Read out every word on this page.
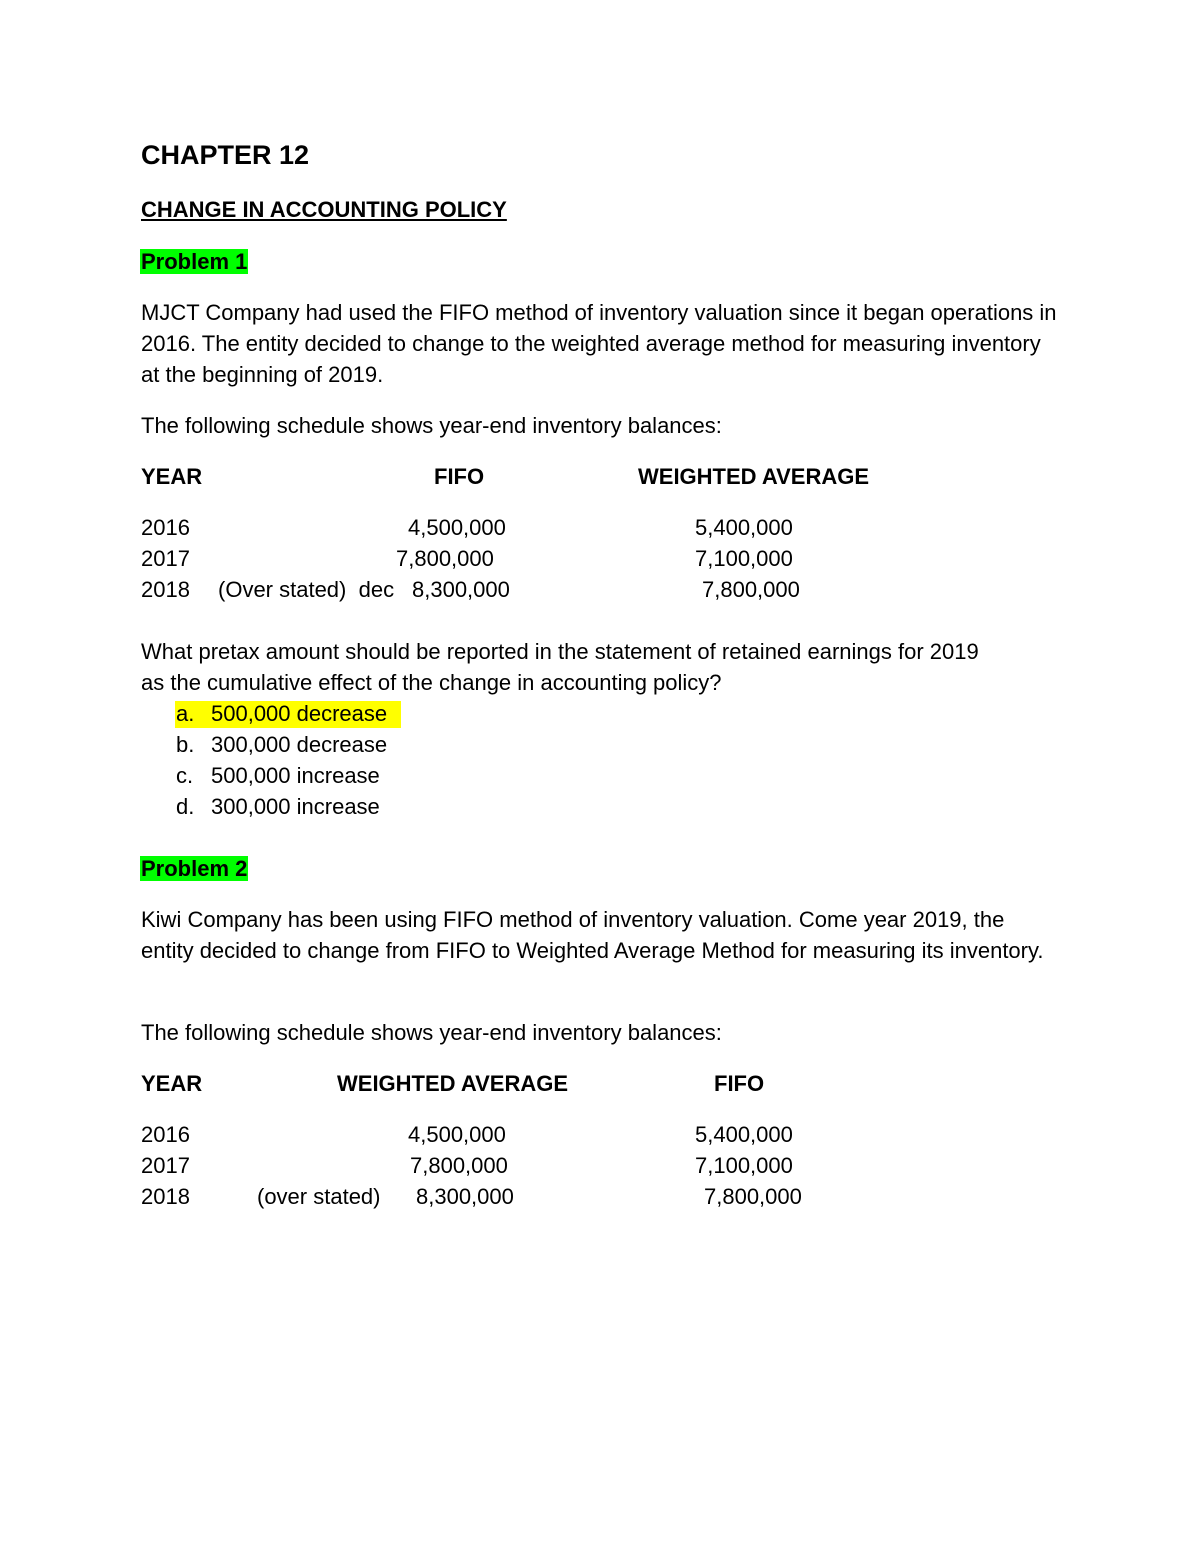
CHAPTER 12
CHANGE IN ACCOUNTING POLICY
Problem 1
MJCT Company had used the FIFO method of inventory valuation since it began operations in 2016. The entity decided to change to the weighted average method for measuring inventory at the beginning of 2019.
The following schedule shows year-end inventory balances:
YEAR	FIFO	WEIGHTED AVERAGE
2016	4,500,000	5,400,000
2017	7,800,000	7,100,000
2018 (Over stated)  dec 8,300,000	7,800,000
What pretax amount should be reported in the statement of retained earnings for 2019
as the cumulative effect of the change in accounting policy?
a. 500,000 decrease
b. 300,000 decrease
c. 500,000 increase
d. 300,000 increase
Problem 2
Kiwi Company has been using FIFO method of inventory valuation. Come year 2019, the entity decided to change from FIFO to Weighted Average Method for measuring its inventory.
The following schedule shows year-end inventory balances:
YEAR	WEIGHTED AVERAGE	FIFO
2016	4,500,000	5,400,000
2017	7,800,000	7,100,000
2018	(over stated) 8,300,000	7,800,000
